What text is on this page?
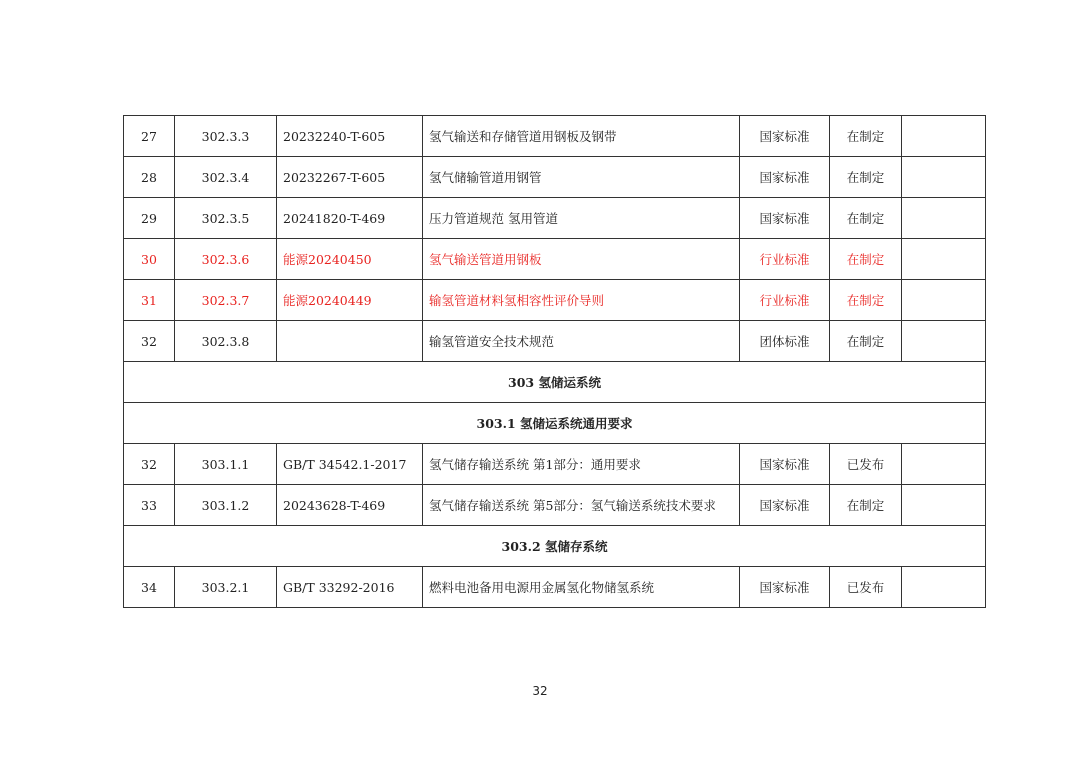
27	302.3.3	20232240-T-605	氢气输送和存储管道用钢板及钢带	国家标准	在制定	
28	302.3.4	20232267-T-605	氢气储输管道用钢管	国家标准	在制定	
29	302.3.5	20241820-T-469	压力管道规范 氢用管道	国家标准	在制定	
30	302.3.6	能源20240450	氢气输送管道用钢板	行业标准	在制定	
31	302.3.7	能源20240449	输氢管道材料氢相容性评价导则	行业标准	在制定	
32	302.3.8		输氢管道安全技术规范	团体标准	在制定	
303 氢储运系统						
303.1 氢储运系统通用要求						
32	303.1.1	GB/T 34542.1-2017	氢气储存输送系统 第1部分：通用要求	国家标准	已发布	
33	303.1.2	20243628-T-469	氢气储存输送系统 第5部分：氢气输送系统技术要求	国家标准	在制定	
303.2 氢储存系统						
34	303.2.1	GB/T 33292-2016	燃料电池备用电源用金属氢化物储氢系统	国家标准	已发布	
32
